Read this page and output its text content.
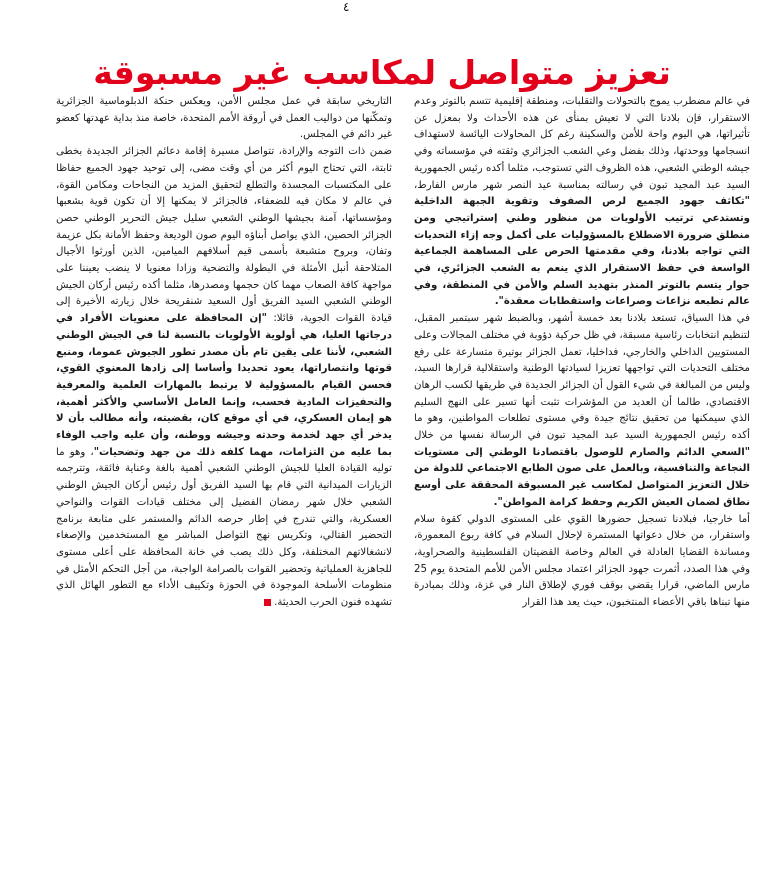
٤
تعزيز متواصل لمكاسب غير مسبوقة

في عالم مضطرب يموج بالتحولات والتقلبات، ومنطقة إقليمية تتسم بالتوتر وعدم الاستقرار، فإن بلادنا التي لا تعيش بمنأى عن هذه الأحداث ولا بمعزل عن تأثيراتها، هي اليوم واحة للأمن والسكينة رغم كل المحاولات اليائسة لاستهداف انسجامها ووحدتها، وذلك بفضل وعي الشعب الجزائري وثقته في مؤسساته وفي جيشه الوطني الشعبي، هذه الظروف التي تستوجب، مثلما أكده رئيس الجمهورية السيد عبد المجيد تبون في رسالته بمناسبة عيد النصر شهر مارس الفارط، "تكاثف جهود الجميع لرص الصفوف وتقوية الجبهة الداخلية وتستدعي ترتيب الأولويات من منظور وطني إستراتيجي ومن منطلق ضرورة الاضطلاع بالمسؤوليات على أكمل وجه إزاء التحديات التي تواجه بلادنا، وفي مقدمتها الحرص على المساهمة الجماعية الواسعة في حفظ الاستقرار الذي ينعم به الشعب الجزائري، في جوار يتسم بالتوتر المنذر بتهديد السلم والأمن في المنطقة، وفي عالم تطبعه نزاعات وصراعات واستقطابات معقدة".

في هذا السياق، تستعد بلادنا بعد خمسة أشهر، وبالضبط شهر سبتمبر المقبل، لتنظيم انتخابات رئاسية مسبقة، في ظل حركية دؤوبة في مختلف المجالات وعلى المستويين الداخلي والخارجي، فداخليا، تعمل الجزائر بوتيرة متسارعة على رفع مختلف التحديات التي تواجهها تعزيزا لسيادتها الوطنية واستقلالية قرارها السيد، وليس من المبالغة في شيء القول أن الجزائر الجديدة في طريقها لكسب الرهان الاقتصادي، طالما أن العديد من المؤشرات تثبت أنها تسير على النهج السليم الذي سيمكنها من تحقيق نتائج جيدة وفي مستوى تطلعات المواطنين، وهو ما أكده رئيس الجمهورية السيد عبد المجيد تبون في الرسالة نفسها من خلال "السعي الدائم والصارم للوصول باقتصادنا الوطني إلى مستويات النجاعة والتنافسية، وبالعمل على صون الطابع الاجتماعي للدولة من خلال التعزيز المتواصل لمكاسب غير المسبوقة المحققة على أوسع نطاق لضمان العيش الكريم وحفظ كرامة المواطن".

أما خارجيا، فبلادنا تسجيل حضورها القوي على المستوى الدولي كقوة سلام واستقرار، من خلال دعواتها المستمرة لإحلال السلام في كافة ربوع المعمورة، ومساندة القضايا العادلة في العالم وخاصة القضيتان الفلسطينية والصحراوية، وفي هذا الصدد، أثمرت جهود الجزائر اعتماد مجلس الأمن للأمم المتحدة يوم 25 مارس الماضي، قرارا يقضي بوقف فوري لإطلاق النار في غزة، وذلك بمبادرة منها تبناها باقي الأعضاء المنتخبون، حيث يعد هذا القرار

التاريخي سابقة في عمل مجلس الأمن، ويعكس حنكة الدبلوماسية الجزائرية وتمكّنها من دواليب العمل في أروقة الأمم المتحدة، خاصة منذ بداية عهدتها كعضو غير دائم في المجلس.

ضمن ذات التوجه والإرادة، تتواصل مسيرة إقامة دعائم الجزائر الجديدة بخطى ثابتة، التي تحتاج اليوم أكثر من أي وقت مضى، إلى توحيد جهود الجميع حفاظا على المكتسبات المجسدة والتطلع لتحقيق المزيد من النجاحات ومكامن القوة، في عالم لا مكان فيه للضعفاء، فالجزائر لا يمكنها إلا أن تكون قوية بشعبها ومؤسساتها، آمنة بجيشها الوطني الشعبي سليل جيش التحرير الوطني حصن الجزائر الحصين، الذي يواصل أبناؤه اليوم صون الوديعة وحفظ الأمانة بكل عزيمة وتفان، وبروح متشبعة بأسمى قيم أسلافهم الميامين، الذين أورثوا الأجيال المتلاحقة أنبل الأمثلة في البطولة والتضحية وزادا معنويا لا ينضب يعيننا على مواجهة كافة الصعاب مهما كان حجمها ومصدرها، مثلما أكده رئيس أركان الجيش الوطني الشعبي السيد الفريق أول السعيد شنقريحة خلال زيارته الأخيرة إلى قيادة القوات الجوية، قائلا: "إن المحافظة على معنويات الأفراد في درجاتها العليا، هي أولوية الأولويات بالنسبة لنا في الجيش الوطني الشعبي، لأننا على يقين تام بأن مصدر تطور الجيوش عموما، ومنبع قوتها وانتصاراتها، يعود تحديدا وأساسا إلى زادها المعنوي القوي، فحسن القيام بالمسؤولية لا يرتبط بالمهارات العلمية والمعرفية والتحفيزات المادية فحسب، وإنما العامل الأساسي والأكثر أهمية، هو إيمان العسكري، في أي موقع كان، بقضيته، وأنه مطالب بأن لا يدخر أي جهد لخدمة وحدته وجيشه ووطنه، وأن عليه واجب الوفاء بما عليه من التزامات، مهما كلفه ذلك من جهد وتضحيات"، وهو ما توليه القيادة العليا للجيش الوطني الشعبي أهمية بالغة وعناية فائقة، وتترجمه الزيارات الميدانية التي قام بها السيد الفريق أول رئيس أركان الجيش الوطني الشعبي خلال شهر رمضان الفضيل إلى مختلف قيادات القوات والنواحي العسكرية، والتي تندرج في إطار حرصه الدائم والمستمر على متابعة برنامج التحضير القتالي، وتكريس نهج التواصل المباشر مع المستخدمين والإصغاء لانشغالاتهم المختلفة، وكل ذلك يصب في خانة المحافظة على أعلى مستوى للجاهزية العملياتية وتحضير القوات بالصرامة الواجبة، من أجل التحكم الأمثل في منظومات الأسلحة الموجودة في الحوزة وتكييف الأداء مع التطور الهائل الذي تشهده فنون الحرب الحديثة.
